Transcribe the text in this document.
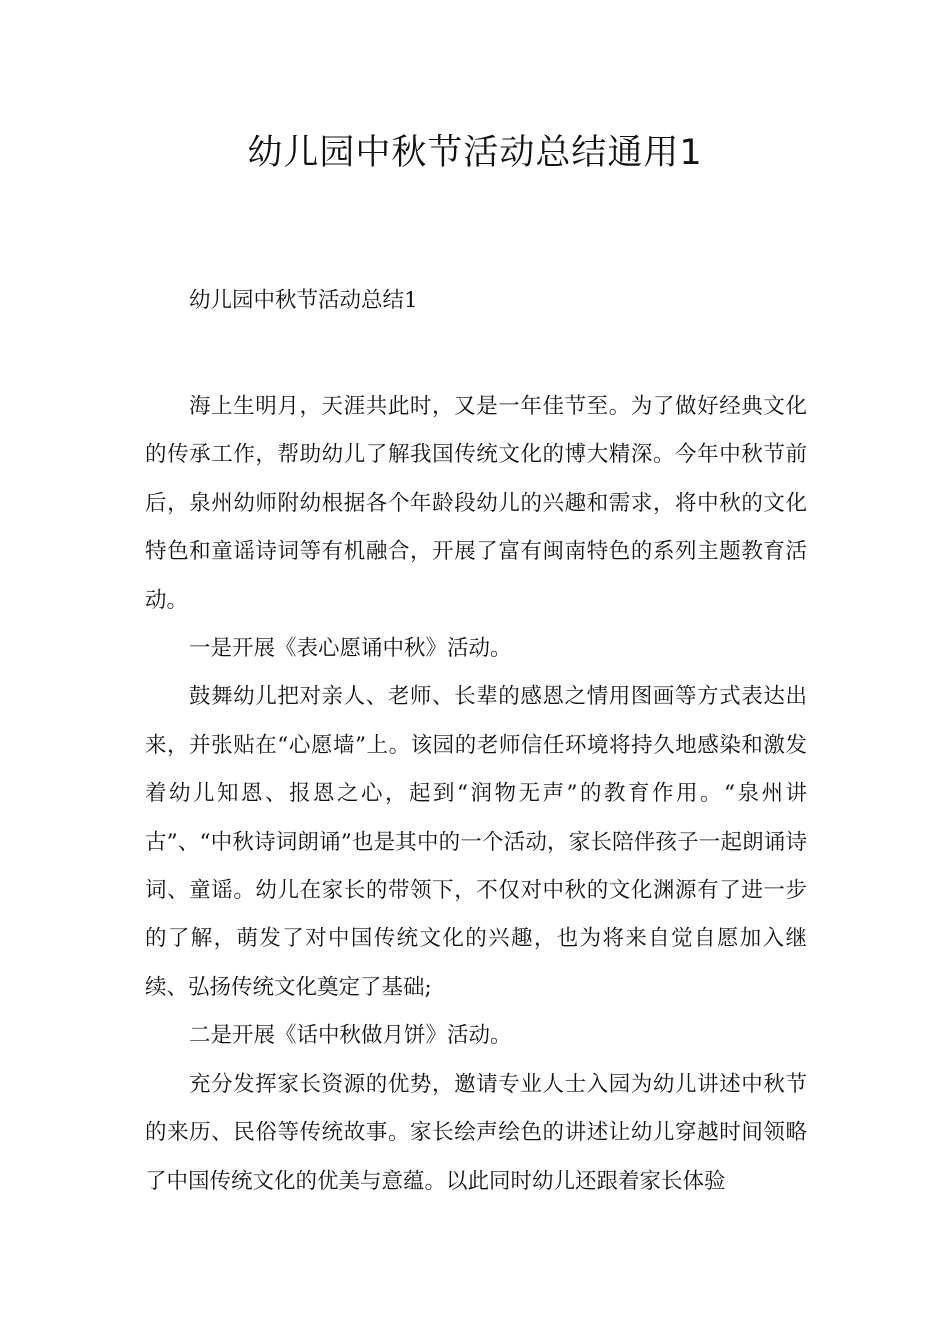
幼儿园中秋节活动总结通用1

幼儿园中秋节活动总结1

海上生明月，天涯共此时，又是一年佳节至。为了做好经典文化的传承工作，帮助幼儿了解我国传统文化的博大精深。今年中秋节前后，泉州幼师附幼根据各个年龄段幼儿的兴趣和需求，将中秋的文化特色和童谣诗词等有机融合，开展了富有闽南特色的系列主题教育活动。

一是开展《表心愿诵中秋》活动。

鼓舞幼儿把对亲人、老师、长辈的感恩之情用图画等方式表达出来，并张贴在“心愿墙”上。该园的老师信任环境将持久地感染和激发着幼儿知恩、报恩之心，起到“润物无声”的教育作用。“泉州讲古”、“中秋诗词朗诵”也是其中的一个活动，家长陪伴孩子一起朗诵诗词、童谣。幼儿在家长的带领下，不仅对中秋的文化渊源有了进一步的了解，萌发了对中国传统文化的兴趣，也为将来自觉自愿加入继续、弘扬传统文化奠定了基础;

二是开展《话中秋做月饼》活动。

充分发挥家长资源的优势，邀请专业人士入园为幼儿讲述中秋节的来历、民俗等传统故事。家长绘声绘色的讲述让幼儿穿越时间领略了中国传统文化的优美与意蕴。以此同时幼儿还跟着家长体验
